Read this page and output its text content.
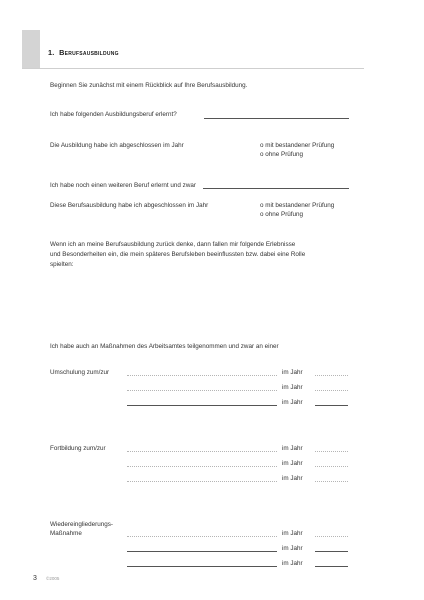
1. Berufsausbildung
Beginnen Sie zunächst mit einem Rückblick auf Ihre Berufsausbildung.
Ich habe folgenden Ausbildungsberuf erlernt?
Die Ausbildung habe ich abgeschlossen im Jahr	o mit bestandener Prüfung
o ohne Prüfung
Ich habe noch einen weiteren Beruf erlernt und zwar
Diese Berufsausbildung habe ich abgeschlossen im Jahr	o mit bestandener Prüfung
o ohne Prüfung
Wenn ich an meine Berufsausbildung zurück denke, dann fallen mir folgende Erlebnisse
und Besonderheiten ein, die mein späteres Berufsleben beeinflussten bzw. dabei eine Rolle
spielten:
Ich habe auch an Maßnahmen des Arbeitsamtes teilgenommen und zwar an einer
Umschulung zum/zur	im Jahr
im Jahr
im Jahr
Fortbildung zum/zur	im Jahr
im Jahr
im Jahr
Wiedereingliederungs-
Maßnahme	im Jahr
im Jahr
im Jahr
3 ©2005
